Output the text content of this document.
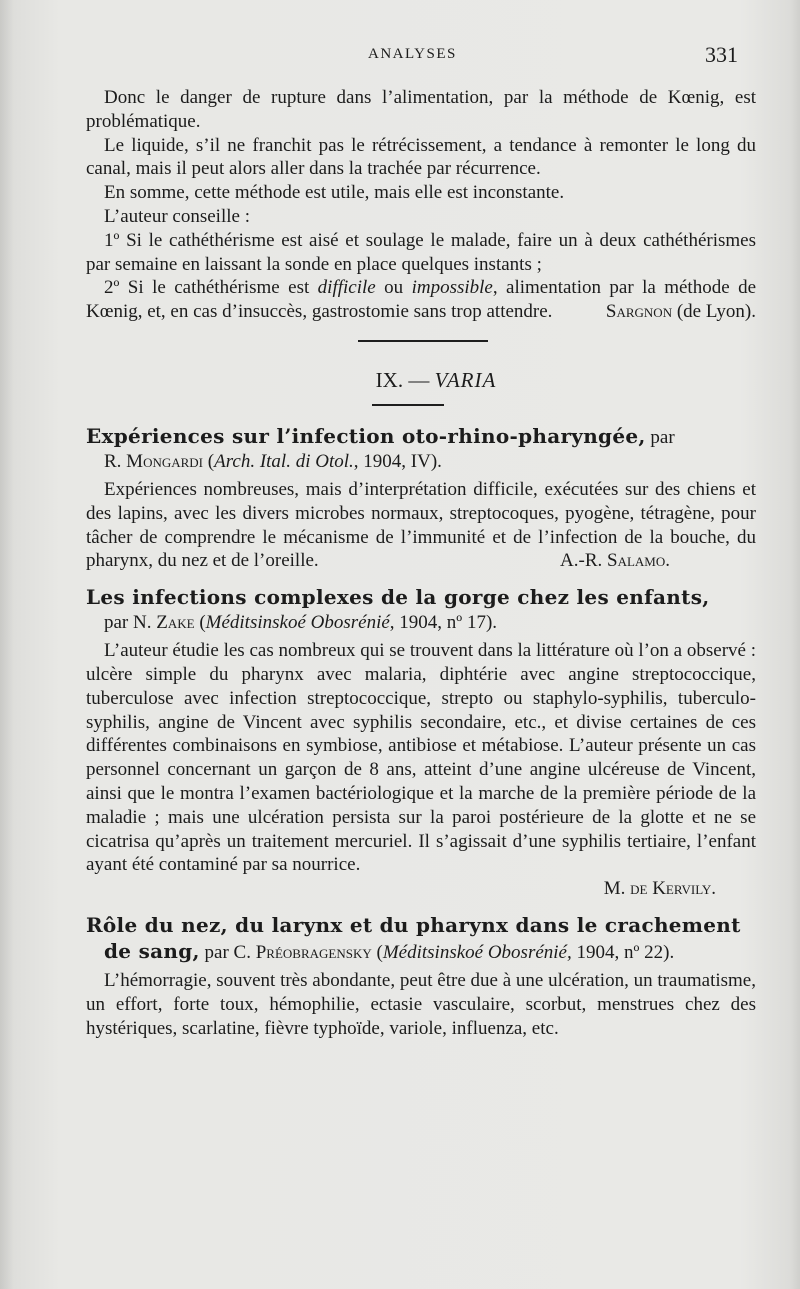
ANALYSES	331

Donc le danger de rupture dans l’alimentation, par la méthode de Kœnig, est problématique.

Le liquide, s’il ne franchit pas le rétrécissement, a tendance à remonter le long du canal, mais il peut alors aller dans la trachée par récurrence.

En somme, cette méthode est utile, mais elle est inconstante.

L’auteur conseille :

1º Si le cathéthérisme est aisé et soulage le malade, faire un à deux cathéthérismes par semaine en laissant la sonde en place quelques instants ;

2º Si le cathéthérisme est difficile ou impossible, alimentation par la méthode de Kœnig, et, en cas d’insuccès, gastrostomie sans trop attendre.	Sargnon (de Lyon).

IX. — VARIA
Expériences sur l’infection oto-rhino-pharyngée, par
R. Mongardi (Arch. Ital. di Otol., 1904, IV).

Expériences nombreuses, mais d’interprétation difficile, exécutées sur des chiens et des lapins, avec les divers microbes normaux, streptocoques, pyogène, tétragène, pour tâcher de comprendre le mécanisme de l’immunité et de l’infection de la bouche, du pharynx, du nez et de l’oreille.	A.-R. Salamo.

Les infections complexes de la gorge chez les enfants,
par N. Zake (Méditsinskoé Obosrénié, 1904, nº 17).

L’auteur étudie les cas nombreux qui se trouvent dans la littérature où l’on a observé : ulcère simple du pharynx avec malaria, diphtérie avec angine streptococcique, tuberculose avec infection streptococcique, strepto ou staphylo-syphilis, tuberculo-syphilis, angine de Vincent avec syphilis secondaire, etc., et divise certaines de ces différentes combinaisons en symbiose, antibiose et métabiose. L’auteur présente un cas personnel concernant un garçon de 8 ans, atteint d’une angine ulcéreuse de Vincent, ainsi que le montra l’examen bactériologique et la marche de la première période de la maladie ; mais une ulcération persista sur la paroi postérieure de la glotte et ne se cicatrisa qu’après un traitement mercuriel. Il s’agissait d’une syphilis tertiaire, l’enfant ayant été contaminé par sa nourrice.

M. de Kervily.

Rôle du nez, du larynx et du pharynx dans le crachement de sang, par C. Préobragensky (Méditsinskoé Obosrénié, 1904, nº 22).

L’hémorragie, souvent très abondante, peut être due à une ulcération, un traumatisme, un effort, forte toux, hémophilie, ectasie vasculaire, scorbut, menstrues chez des hystériques, scarlatine, fièvre typhoïde, variole, influenza, etc.
